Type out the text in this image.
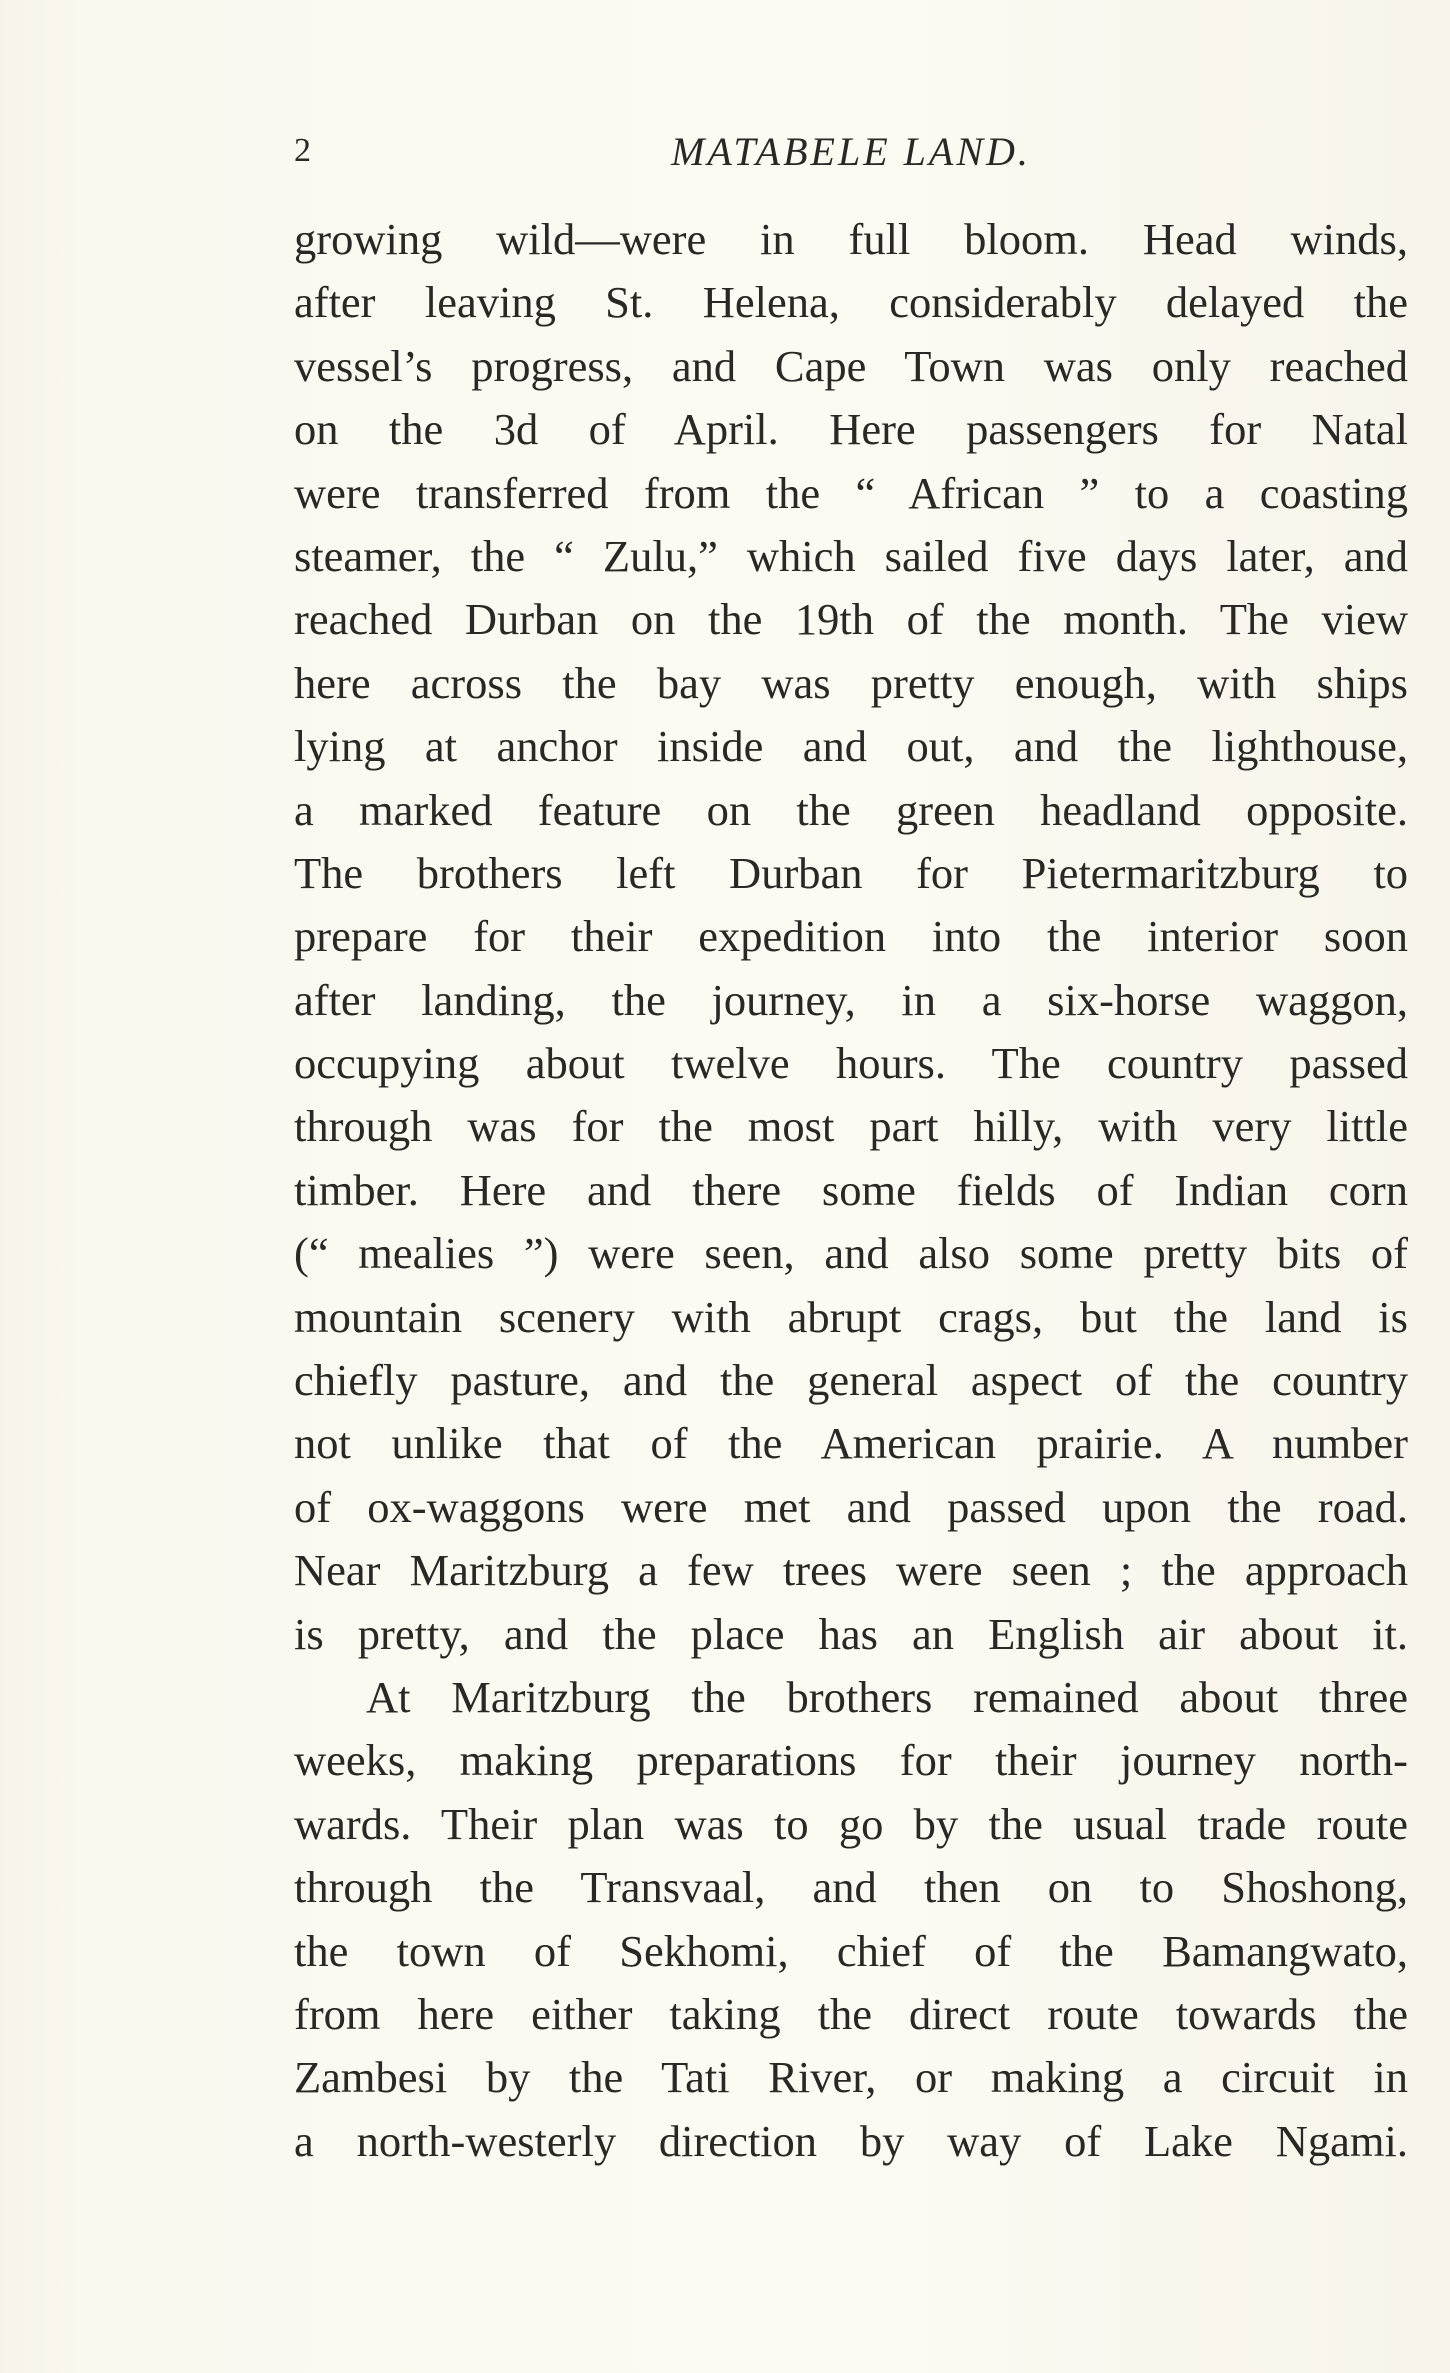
2	MATABELE LAND.
growing wild—were in full bloom. Head winds,
after leaving St. Helena, considerably delayed the
vessel’s progress, and Cape Town was only reached
on the 3d of April. Here passengers for Natal
were transferred from the “ African ” to a coasting
steamer, the “ Zulu,” which sailed five days later, and
reached Durban on the 19th of the month. The view
here across the bay was pretty enough, with ships
lying at anchor inside and out, and the lighthouse,
a marked feature on the green headland opposite.
The brothers left Durban for Pietermaritzburg to
prepare for their expedition into the interior soon
after landing, the journey, in a six-horse waggon,
occupying about twelve hours. The country passed
through was for the most part hilly, with very little
timber. Here and there some fields of Indian corn
(“ mealies ”) were seen, and also some pretty bits of
mountain scenery with abrupt crags, but the land is
chiefly pasture, and the general aspect of the country
not unlike that of the American prairie. A number
of ox-waggons were met and passed upon the road.
Near Maritzburg a few trees were seen ; the approach
is pretty, and the place has an English air about it.
At Maritzburg the brothers remained about three
weeks, making preparations for their journey north-
wards. Their plan was to go by the usual trade route
through the Transvaal, and then on to Shoshong,
the town of Sekhomi, chief of the Bamangwato,
from here either taking the direct route towards the
Zambesi by the Tati River, or making a circuit in
a north-westerly direction by way of Lake Ngami.
